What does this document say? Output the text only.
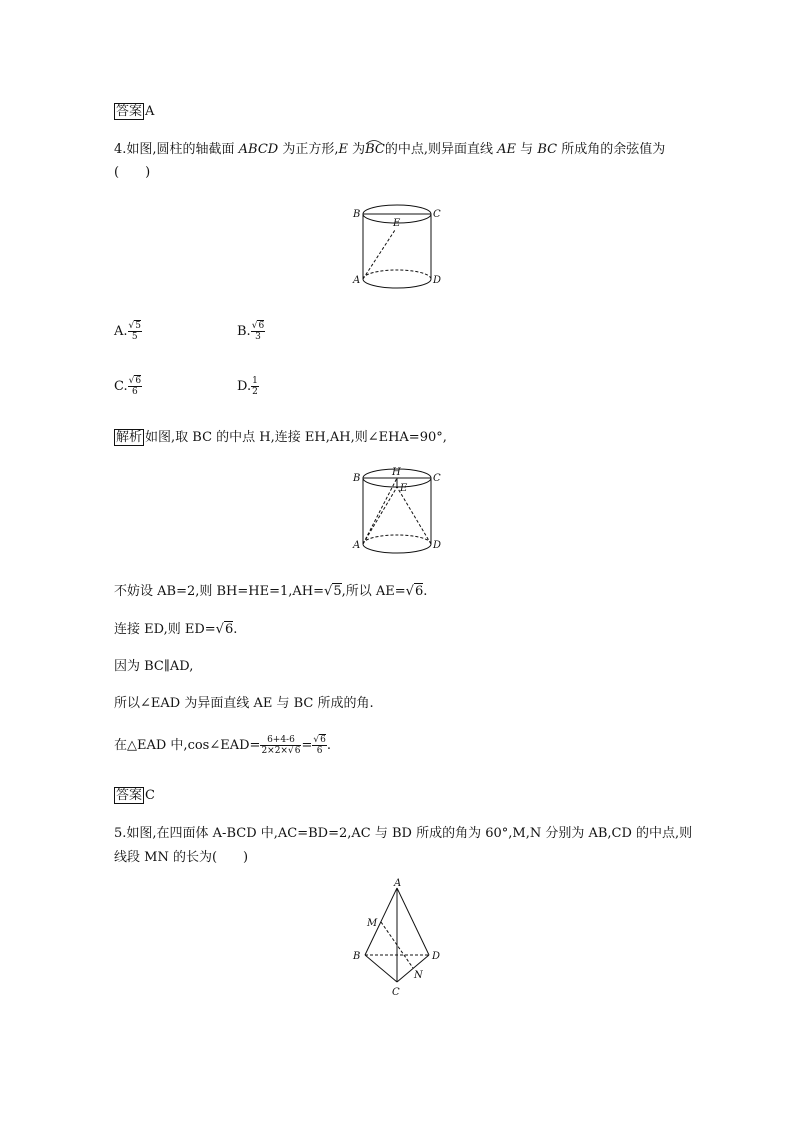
答案 A
4.如图,圆柱的轴截面 ABCD 为正方形,E 为
BC的中点,则异面直线 AE 与 BC 所成角的余弦值为
(　　)
B	C
E
A	D
A. $\frac{√5}{5}$	B. $\frac{√6}{3}$
C. $\frac{√6}{6}$	D. $\frac{1}{2}$
解析 如图,取 BC 的中点 H,连接 EH,AH,则∠EHA=90°,
H
E
B	C
A	D
不妨设 AB=2,则 BH=HE=1,AH=√5,所以 AE=√6.
连接 ED,则 ED=√6.
因为 BC∥AD,
所以∠EAD 为异面直线 AE 与 BC 所成的角.
在△EAD 中,cos∠EAD= $\frac{6+4-6}{2\times 2\times√6} = \frac{√6}{6}$ .
答案 C
5.如图,在四面体 A-BCD 中,AC=BD=2,AC 与 BD 所成的角为 60°,M,N 分别为 AB,CD 的中点,则
线段 MN 的长为(　　)
A
M
B	D
N
C
